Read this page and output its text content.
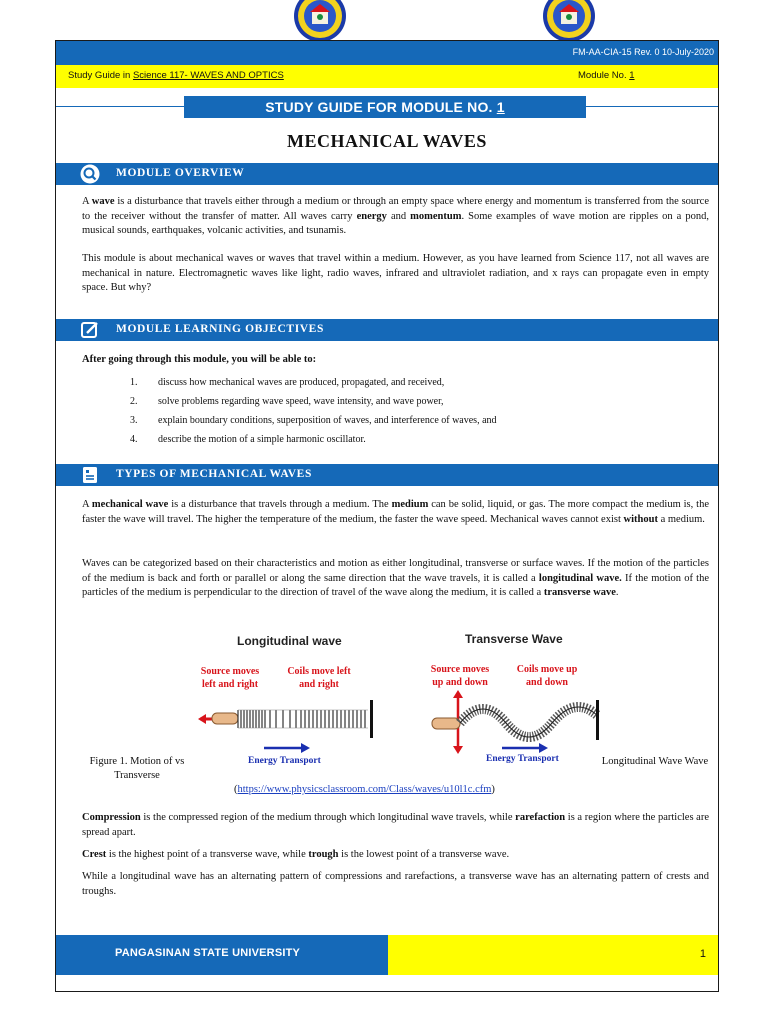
FM-AA-CIA-15 Rev. 0 10-July-2020
Study Guide in Science 117- WAVES AND OPTICS	Module No. 1
STUDY GUIDE FOR MODULE NO. 1
MECHANICAL WAVES
MODULE OVERVIEW
A wave is a disturbance that travels either through a medium or through an empty space where energy and momentum is transferred from the source to the receiver without the transfer of matter. All waves carry energy and momentum. Some examples of wave motion are ripples on a pond, musical sounds, earthquakes, volcanic activities, and tsunamis.
This module is about mechanical waves or waves that travel within a medium. However, as you have learned from Science 117, not all waves are mechanical in nature. Electromagnetic waves like light, radio waves, infrared and ultraviolet radiation, and x rays can propagate even in empty space. But why?
MODULE LEARNING OBJECTIVES
After going through this module, you will be able to:
1. discuss how mechanical waves are produced, propagated, and received,
2. solve problems regarding wave speed, wave intensity, and wave power,
3. explain boundary conditions, superposition of waves, and interference of waves, and
4. describe the motion of a simple harmonic oscillator.
TYPES OF MECHANICAL WAVES
A mechanical wave is a disturbance that travels through a medium. The medium can be solid, liquid, or gas. The more compact the medium is, the faster the wave will travel. The higher the temperature of the medium, the faster the wave speed. Mechanical waves cannot exist without a medium.
Waves can be categorized based on their characteristics and motion as either longitudinal, transverse or surface waves. If the motion of the particles of the medium is back and forth or parallel or along the same direction that the wave travels, it is called a longitudinal wave. If the motion of the particles of the medium is perpendicular to the direction of travel of the wave along the medium, it is called a transverse wave.
Longitudinal wave	Transverse Wave
Source moves left and right
Coils move left and right
Source moves up and down
Coils move up and down
Energy Transport	Energy Transport
Figure 1. Motion of vs Transverse
Longitudinal Wave Wave
(https://www.physicsclassroom.com/Class/waves/u10l1c.cfm)
Compression is the compressed region of the medium through which longitudinal wave travels, while rarefaction is a region where the particles are spread apart.
Crest is the highest point of a transverse wave, while trough is the lowest point of a transverse wave.
While a longitudinal wave has an alternating pattern of compressions and rarefactions, a transverse wave has an alternating pattern of crests and troughs.
PANGASINAN STATE UNIVERSITY	1
